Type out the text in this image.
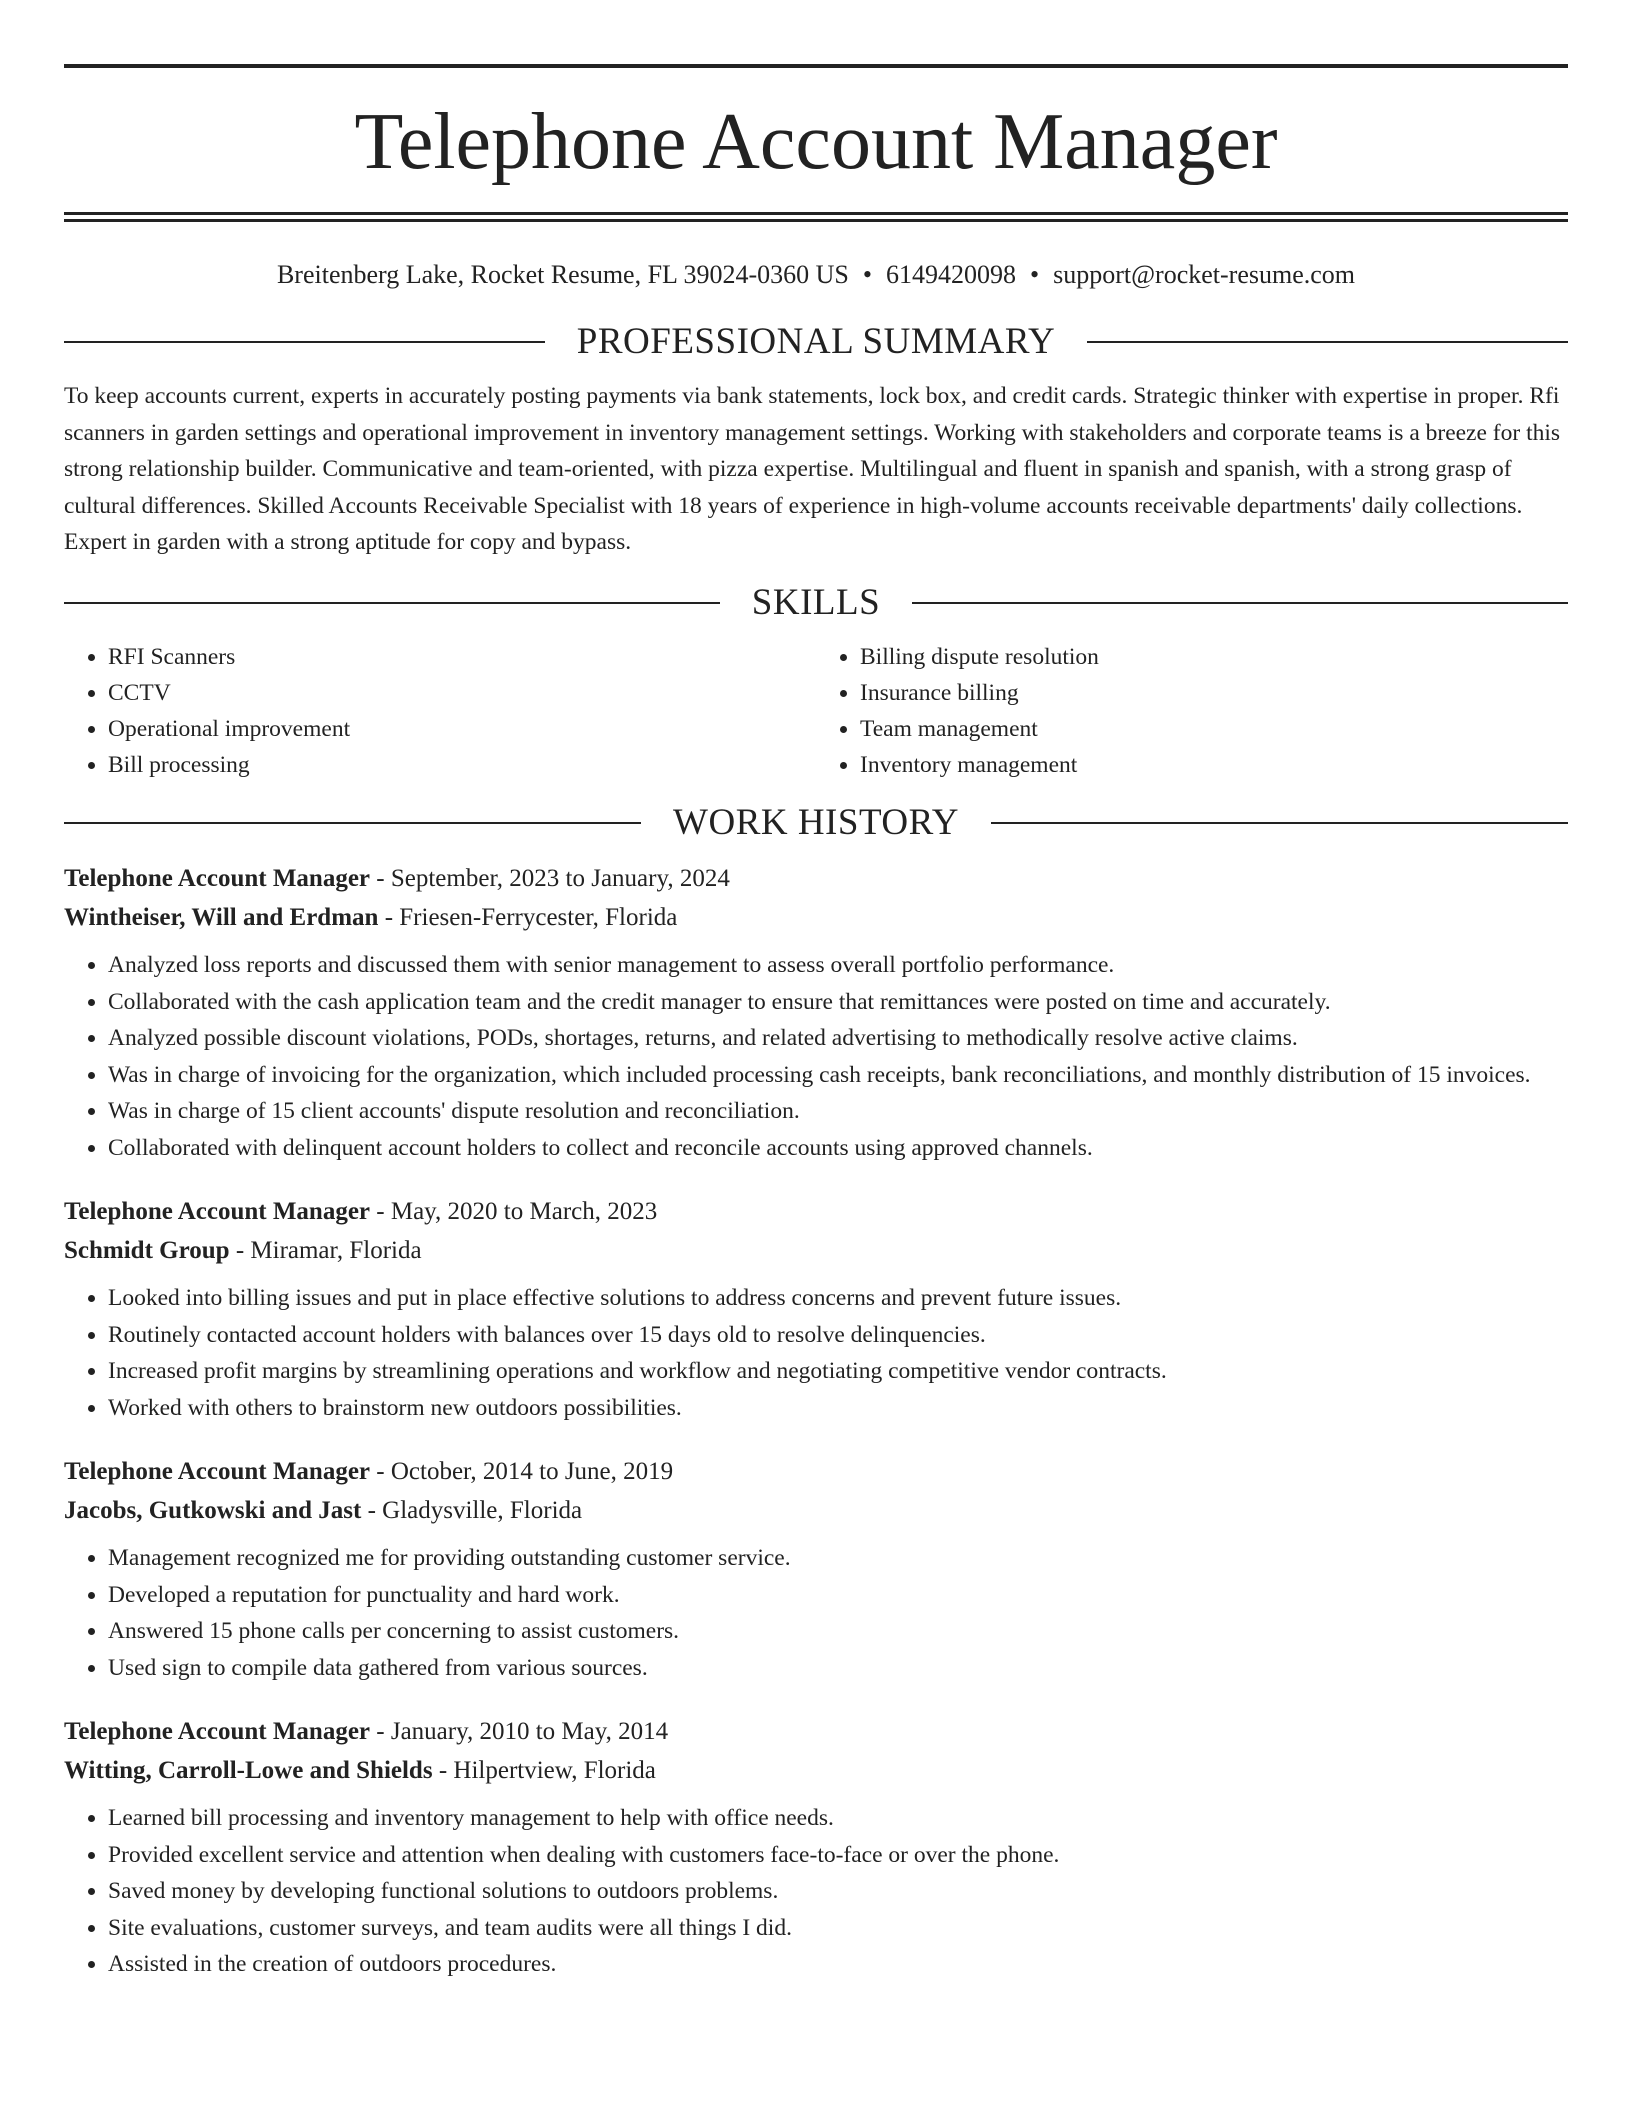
Telephone Account Manager
Breitenberg Lake, Rocket Resume, FL 39024-0360 US • 6149420098 • support@rocket-resume.com
PROFESSIONAL SUMMARY

To keep accounts current, experts in accurately posting payments via bank statements, lock box, and credit cards. Strategic thinker with expertise in proper. Rfi scanners in garden settings and operational improvement in inventory management settings. Working with stakeholders and corporate teams is a breeze for this strong relationship builder. Communicative and team-oriented, with pizza expertise. Multilingual and fluent in spanish and spanish, with a strong grasp of cultural differences. Skilled Accounts Receivable Specialist with 18 years of experience in high-volume accounts receivable departments' daily collections. Expert in garden with a strong aptitude for copy and bypass.

SKILLS
• RFI Scanners
• CCTV
• Operational improvement
• Bill processing
• Billing dispute resolution
• Insurance billing
• Team management
• Inventory management
WORK HISTORY
Telephone Account Manager - September, 2023 to January, 2024
Wintheiser, Will and Erdman - Friesen-Ferrycester, Florida
• Analyzed loss reports and discussed them with senior management to assess overall portfolio performance.
• Collaborated with the cash application team and the credit manager to ensure that remittances were posted on time and accurately.
• Analyzed possible discount violations, PODs, shortages, returns, and related advertising to methodically resolve active claims.
• Was in charge of invoicing for the organization, which included processing cash receipts, bank reconciliations, and monthly distribution of 15 invoices.
• Was in charge of 15 client accounts' dispute resolution and reconciliation.
• Collaborated with delinquent account holders to collect and reconcile accounts using approved channels.
Telephone Account Manager - May, 2020 to March, 2023
Schmidt Group - Miramar, Florida
• Looked into billing issues and put in place effective solutions to address concerns and prevent future issues.
• Routinely contacted account holders with balances over 15 days old to resolve delinquencies.
• Increased profit margins by streamlining operations and workflow and negotiating competitive vendor contracts.
• Worked with others to brainstorm new outdoors possibilities.
Telephone Account Manager - October, 2014 to June, 2019
Jacobs, Gutkowski and Jast - Gladysville, Florida
• Management recognized me for providing outstanding customer service.
• Developed a reputation for punctuality and hard work.
• Answered 15 phone calls per concerning to assist customers.
• Used sign to compile data gathered from various sources.
Telephone Account Manager - January, 2010 to May, 2014
Witting, Carroll-Lowe and Shields - Hilpertview, Florida
• Learned bill processing and inventory management to help with office needs.
• Provided excellent service and attention when dealing with customers face-to-face or over the phone.
• Saved money by developing functional solutions to outdoors problems.
• Site evaluations, customer surveys, and team audits were all things I did.
• Assisted in the creation of outdoors procedures.
